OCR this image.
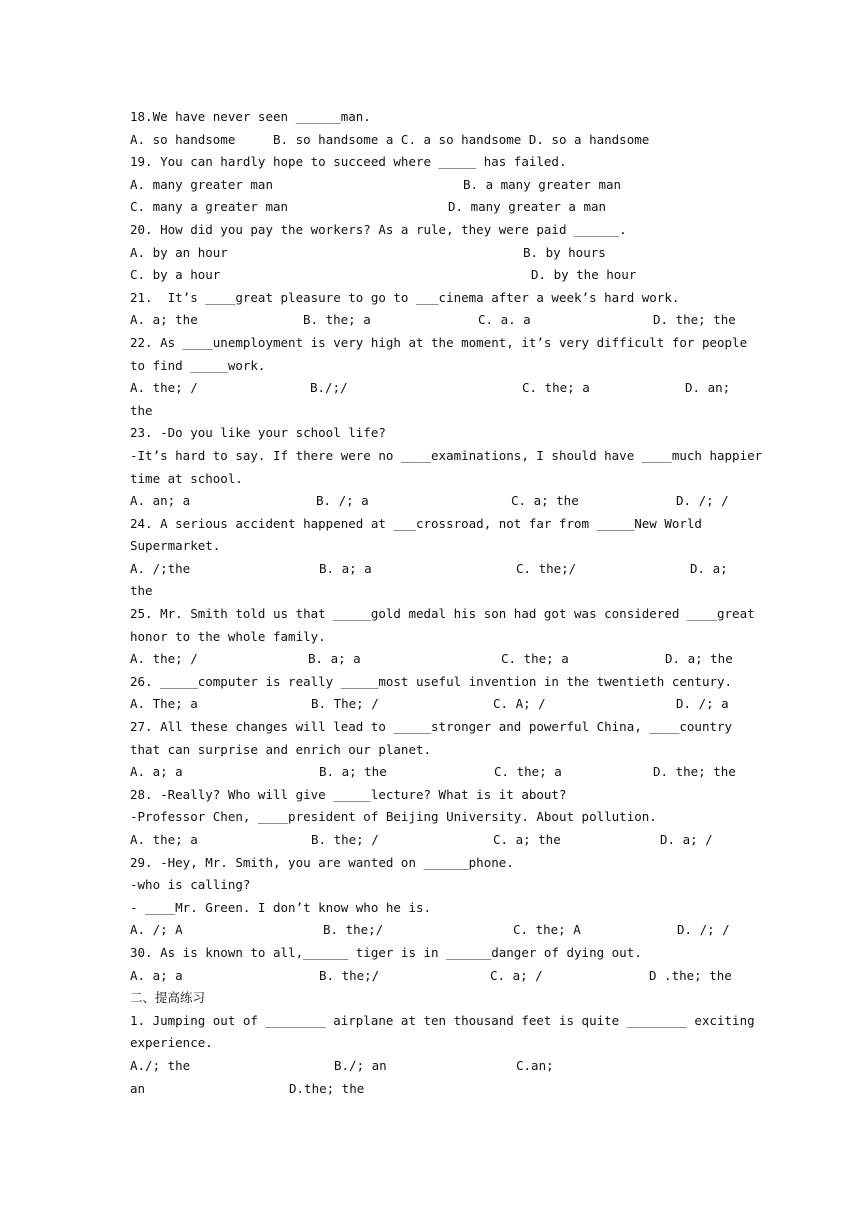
18.We have never seen ______man.
A. so handsome     B. so handsome a C. a so handsome D. so a handsome
19. You can hardly hope to succeed where _____ has failed.

A. many greater man

	B. a many greater man

C. many a greater man

	D. many greater a man

20. How did you pay the workers? As a rule, they were paid ______.

A. by an hour

	B. by hours

C. by a hour

	D. by the hour

21.  It’s ____great pleasure to go to ___cinema after a week’s hard work.

A. a; the

	B. the; a

	C. a. a

	D. the; the

22. As ____unemployment is very high at the moment, it’s very difficult for people
to find _____work.

A. the; /

	B./;/

	C. the; a

	D. an;

the
23. -Do you like your school life?
-It’s hard to say. If there were no ____examinations, I should have ____much happier
time at school.

A. an; a

	B. /; a

	C. a; the

	D. /; /

24. A serious accident happened at ___crossroad, not far from _____New World
Supermarket.

A. /;the

	B. a; a

	C. the;/

	D. a;

the
25. Mr. Smith told us that _____gold medal his son had got was considered ____great
honor to the whole family.

A. the; /

	B. a; a

	C. the; a

	D. a; the

26. _____computer is really _____most useful invention in the twentieth century.

A. The; a

	B. The; /

	C. A; /

	D. /; a

27. All these changes will lead to _____stronger and powerful China, ____country
that can surprise and enrich our planet.

A. a; a

	B. a; the

	C. the; a

	D. the; the

28. -Really? Who will give _____lecture? What is it about?
-Professor Chen, ____president of Beijing University. About pollution.

A. the; a

	B. the; /

	C. a; the

	D. a; /

29. -Hey, Mr. Smith, you are wanted on ______phone.
-who is calling?
- ____Mr. Green. I don’t know who he is.

A. /; A

	B. the;/

	C. the; A

	D. /; /

30. As is known to all,______ tiger is in ______danger of dying out.

A. a; a

	B. the;/

	C. a; /

	D .the; the

二、提高练习
1. Jumping out of ________ airplane at ten thousand feet is quite ________ exciting
experience.

A./; the

	B./; an

	C.an;

an

	D.the; the
